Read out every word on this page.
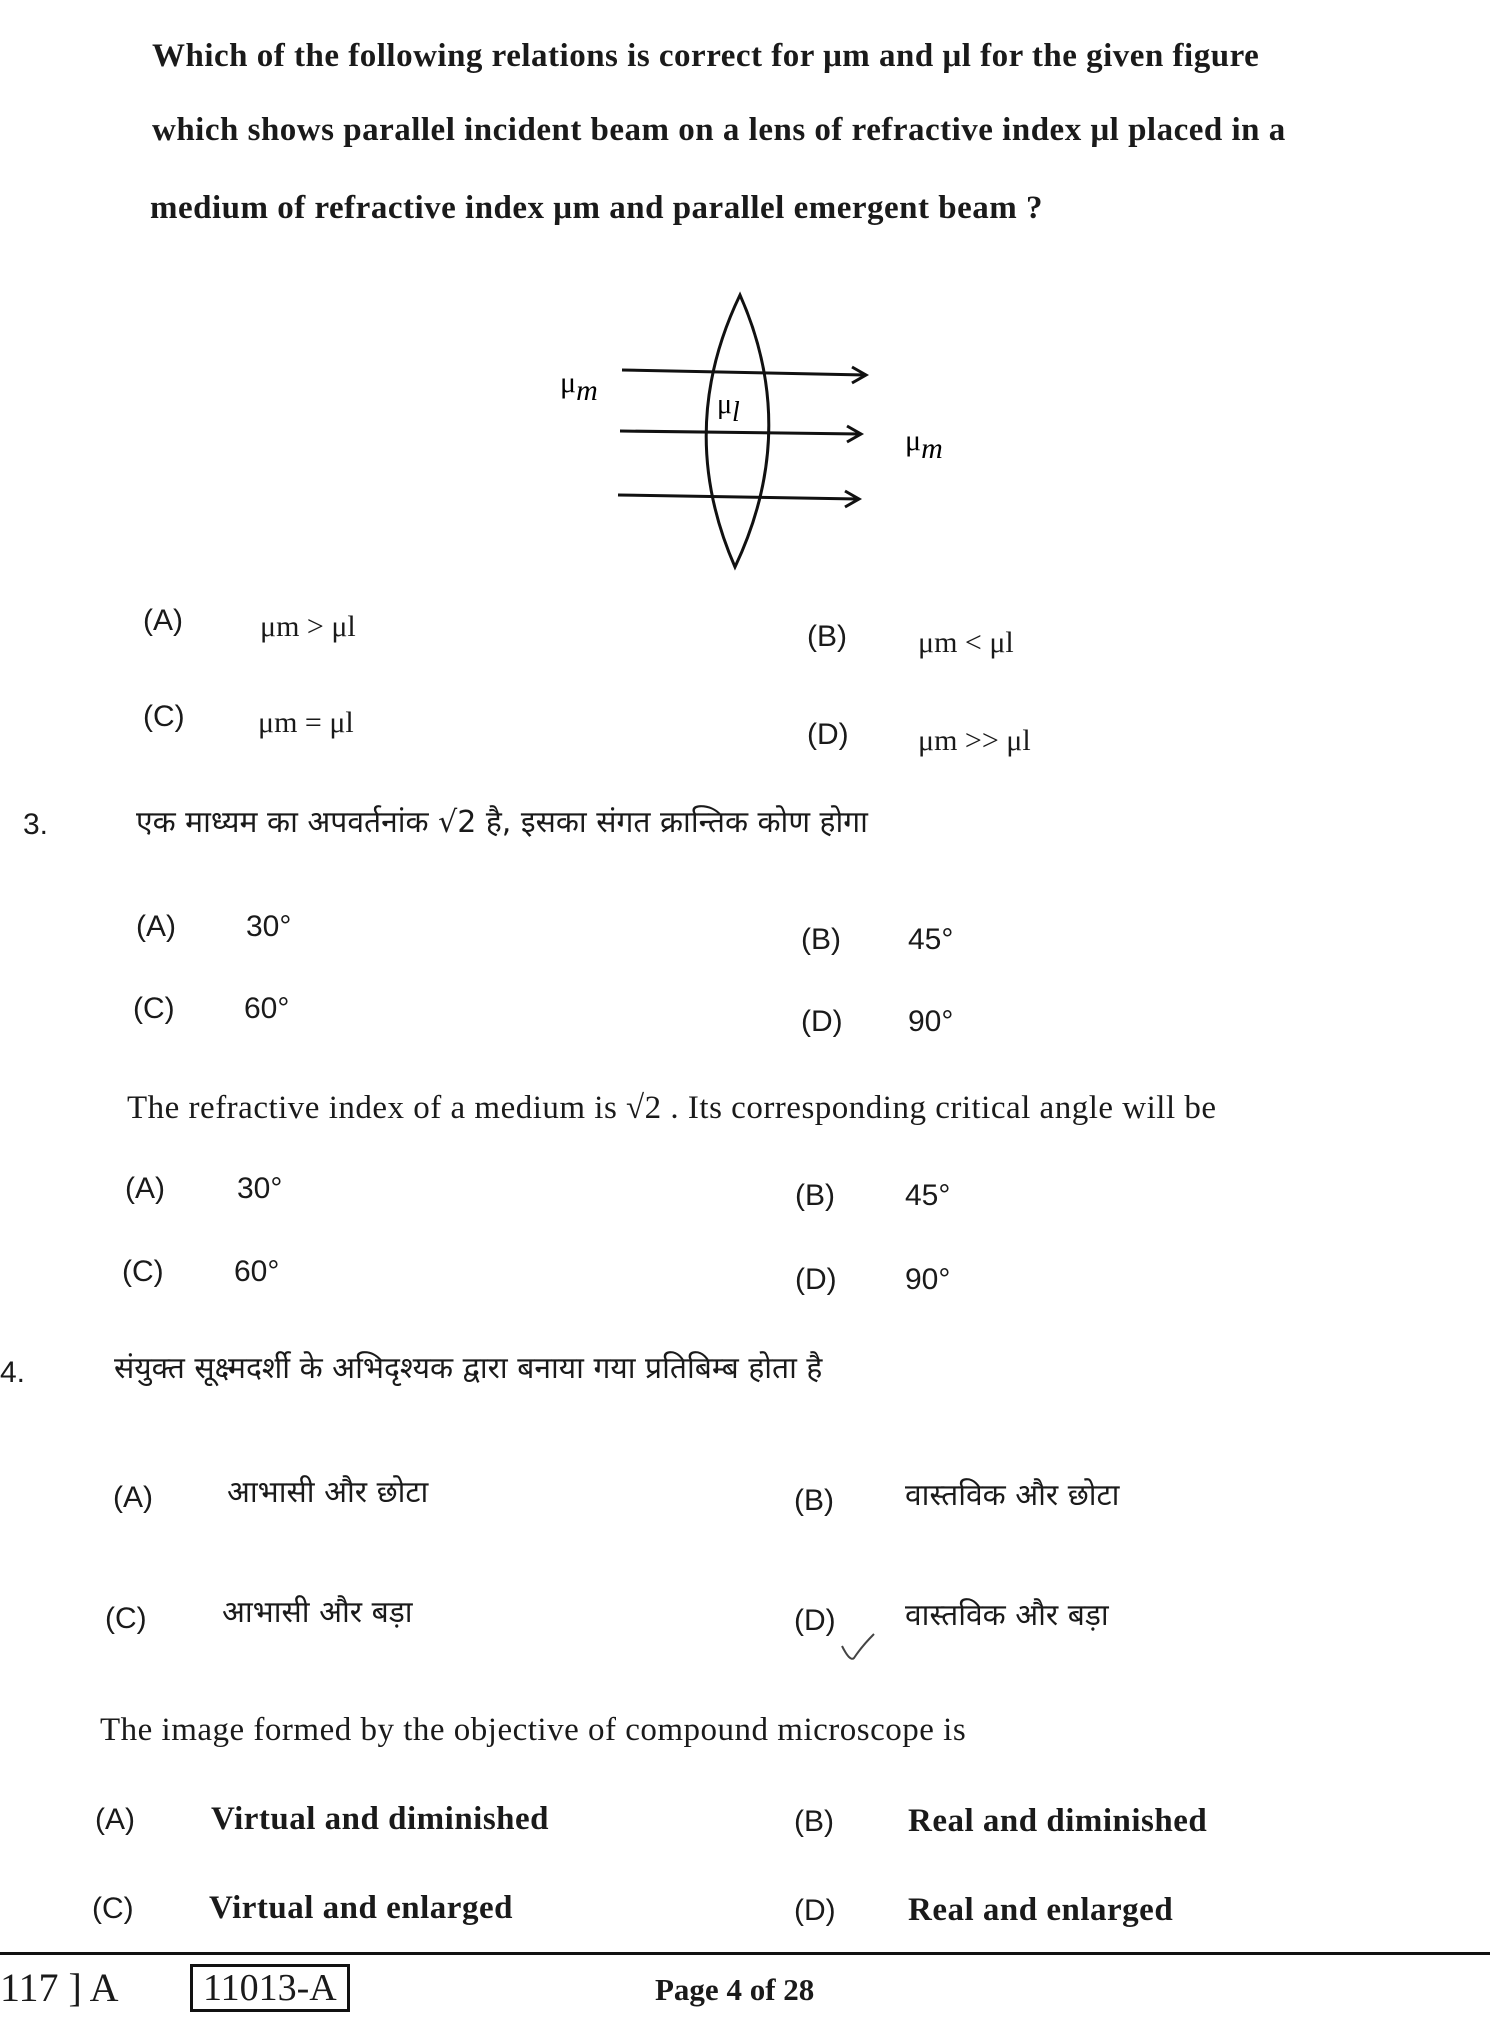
Which of the following relations is correct for μm and μl for the given figure
which shows parallel incident beam on a lens of refractive index μl placed in a
medium of refractive index μm and parallel emergent beam ?
μm	μl
μm
(A)	μm > μl	(B) μm < μl
(C) μm = μl	(D) μm >> μl
3.	एक माध्यम का अपवर्तनांक √2 है, इसका संगत क्रान्तिक कोण होगा
(A) 30°	(B) 45°
(C) 60°	(D) 90°
The refractive index of a medium is √2 . Its corresponding critical angle will be
(A) 30°	(B) 45°
(C) 60°	(D) 90°
4.	संयुक्त सूक्ष्मदर्शी के अभिदृश्यक द्वारा बनाया गया प्रतिबिम्ब होता है
(A) आभासी और छोटा	(B) वास्तविक और छोटा
(C)	आभासी और बड़ा	(D) वास्तविक और बड़ा
The image formed by the objective of compound microscope is
(A) Virtual and diminished	(B) Real and diminished
(C) Virtual and enlarged	(D) Real and enlarged
117 ] A	11013-A	Page 4 of 28
